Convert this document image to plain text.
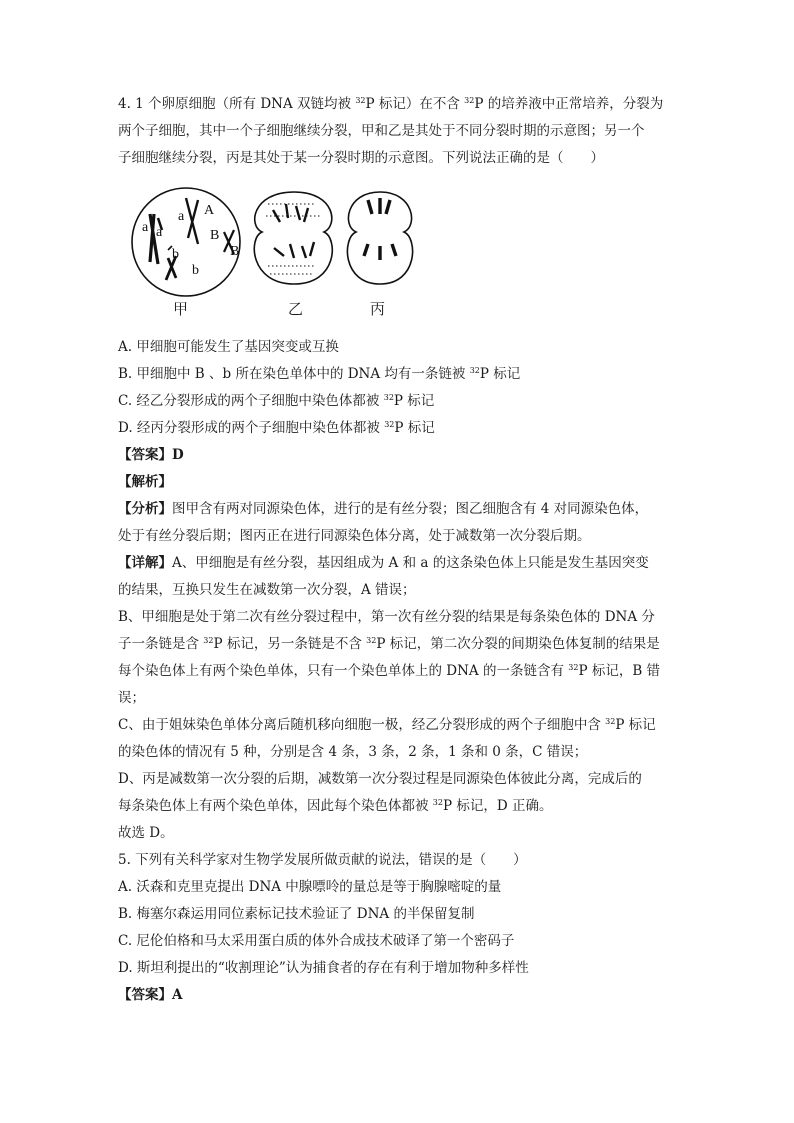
4. 1 个卵原细胞（所有 DNA 双链均被 $^{32}$P 标记）在不含 $^{32}$P 的培养液中正常培养，分裂为
两个子细胞，其中一个子细胞继续分裂，甲和乙是其处于不同分裂时期的示意图；另一个
子细胞继续分裂，丙是其处于某一分裂时期的示意图。下列说法正确的是（　　）
a a
a A
B
B
b
b
甲	乙	丙
A. 甲细胞可能发生了基因突变或互换
B. 甲细胞中 B 、b 所在染色单体中的 DNA 均有一条链被 $^{32}$P 标记
C. 经乙分裂形成的两个子细胞中染色体都被 $^{32}$P 标记
D. 经丙分裂形成的两个子细胞中染色体都被 $^{32}$P 标记
【答案】D
【解析】
【分析】图甲含有两对同源染色体，进行的是有丝分裂；图乙细胞含有 4 对同源染色体，
处于有丝分裂后期；图丙正在进行同源染色体分离，处于减数第一次分裂后期。
【详解】A、甲细胞是有丝分裂，基因组成为 A 和 a 的这条染色体上只能是发生基因突变
的结果，互换只发生在减数第一次分裂，A 错误；
B、甲细胞是处于第二次有丝分裂过程中，第一次有丝分裂的结果是每条染色体的 DNA 分
子一条链是含 $^{32}$P 标记，另一条链是不含 $^{32}$P 标记，第二次分裂的间期染色体复制的结果是
每个染色体上有两个染色单体，只有一个染色单体上的 DNA 的一条链含有 $^{32}$P 标记，B 错
误；
C、由于姐妹染色单体分离后随机移向细胞一极，经乙分裂形成的两个子细胞中含 $^{32}$P 标记
的染色体的情况有 5 种，分别是含 4 条，3 条，2 条，1 条和 0 条，C 错误；
D、丙是减数第一次分裂的后期，减数第一次分裂过程是同源染色体彼此分离，完成后的
每条染色体上有两个染色单体，因此每个染色体都被 $^{32}$P 标记，D 正确。
故选 D。
5. 下列有关科学家对生物学发展所做贡献的说法，错误的是（　　）
A. 沃森和克里克提出 DNA 中腺嘌呤的量总是等于胸腺嘧啶的量
B. 梅塞尔森运用同位素标记技术验证了 DNA 的半保留复制
C. 尼伦伯格和马太采用蛋白质的体外合成技术破译了第一个密码子
D. 斯坦利提出的“收割理论”认为捕食者的存在有利于增加物种多样性
【答案】A
